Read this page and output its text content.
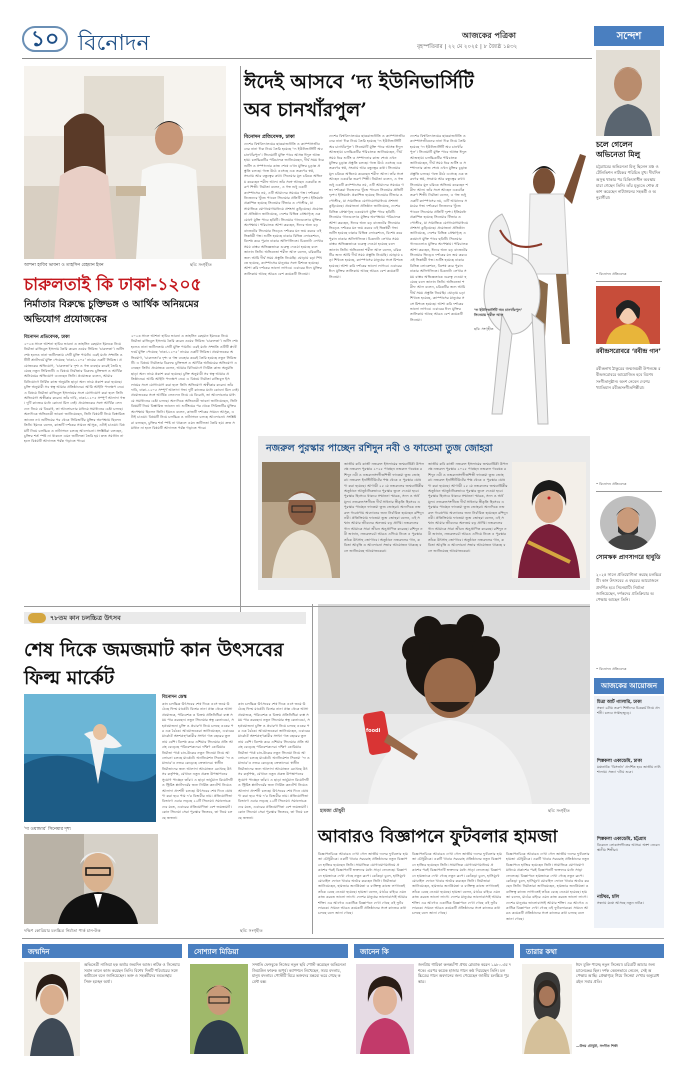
১০ বিনোদন	আজকের পত্রিকা
বৃহস্পতিবার | ২২ মে ২০২৫ | ৮ জ্যৈষ্ঠ ১৪৩২
সন্দেশ
চলে গেলেন অভিনেতা মিলু
চট্টগ্রামের অভিনেতা মিলু ছিলেন মঞ্চ ও টেলিভিশন নাটকের পরিচিত মুখ। দীর্ঘদিন অসুস্থ থাকার পর চিকিৎসাধীন অবস্থায় মারা গেছেন তিনি। তাঁর মৃত্যুতে শোক প্রকাশ করেছেন নাট্যাঙ্গনের সহকর্মী ও অনুরাগীরা।
• বিনোদন প্রতিবেদক
রবীন্দ্রসরোবরে ‘রবীন্দ্র গান’
রবীন্দ্রনাথ ঠাকুরের জন্মজয়ন্তী উপলক্ষে রবীন্দ্রসরোবরে আয়োজিত হবে বিশেষ সংগীতানুষ্ঠান। অংশ নেবেন দেশের খ্যাতিমান রবীন্দ্রসংগীতশিল্পীরা।
• বিনোদন প্রতিবেদক
সোমঋক প্রাণসাগরে হাবুডি
২০২৫ সালে প্রতিযোগিতা করছে চলচ্চিত্রটি। কান উৎসবের এ বছরের আয়োজনে প্রদর্শিত হবে সিনেমাটি। নির্মাতা জানিয়েছেন, দর্শকদের প্রতিক্রিয়ার অপেক্ষায় আছেন তিনি।
• বিনোদন প্রতিবেদক
আজকের আয়োজন
চিত্রা আর্ট গ্যালারি, ঢাকা
সন্ধ্যা ৬টায় তরুণ শিল্পীদের চিত্রকর্ম নিয়ে প্রদর্শনী। চলবে সপ্তাহজুড়ে।
শিল্পকলা একাডেমি, ঢাকা
মঞ্চনাটক ‘বিসর্জন’ প্রদর্শিত হবে জাতীয় নাট্যশালায়। সন্ধ্যা ৭টায় শুরু।
শিল্পকলা একাডেমি, চট্টগ্রাম
বিকেলে লোকসংগীতের আসর। অংশ নেবেন স্থানীয় শিল্পীরা।
নাটঘর, চলি
সন্ধ্যায় মঞ্চে আসছে নতুন নাটক।
আশনা হাবিব ভাবনা ও তাহসিন রেহমান ইমন	ছবি: সংগৃহীত
ঈদেই আসবে ‘দ্য ইউনিভার্সিটি
অব চানখাঁরপুল’
বিনোদন প্রতিবেদক, ঢাকা
দেশের বিশ্ববিদ্যালয়ের ছাত্ররাজনীতি ও ক্যাম্পাসজীবনের নানা দিক নিয়ে তৈরি হয়েছে ‘দ্য ইউনিভার্সিটি অব চানখাঁরপুল’। সিনেমাটি মুক্তি পাবে আসন্ন ঈদুল আজহায়। চলচ্চিত্রটির পরিচালক জানিয়েছেন, দীর্ঘ সময় ধরে শুটিং ও সম্পাদনার কাজ শেষে এখন মুক্তির চূড়ান্ত প্রস্তুতি চলছে। গল্পে উঠে এসেছে এক তরুণের স্বপ্ন, সংগ্রাম আর বন্ধুত্বের কথা। সিনেমার মূল চরিত্রে অভিনয় করেছেন শরীফ আল। তাঁর সঙ্গে আছেন একঝাঁক তরুণ শিল্পী। নির্মাতা বলেন, এ গল্প শুধু একটি ক্যাম্পাসের নয়, এটি আমাদের সময়ের গল্প। দর্শকেরা নিজেদের খুঁজে পাবেন সিনেমার প্রতিটি দৃশ্যে। ইতিমধ্যে প্রকাশিত হয়েছে সিনেমার টিজার ও পোস্টার, যা সামাজিক যোগাযোগমাধ্যমে প্রশংসা কুড়িয়েছে। প্রযোজনা প্রতিষ্ঠান জানিয়েছে, দেশের বিভিন্ন প্রেক্ষাগৃহে একযোগে মুক্তি পাবে ছবিটি। সিনেমার গানগুলোও মুক্তির অপেক্ষায়। পরিচালক আশা করছেন, ঈদের অন্য বড় বাজেটের সিনেমার ভিড়েও দর্শকের মন জয় করবে এই ভিন্নধর্মী গল্প। শুটিং হয়েছে ঢাকার বিভিন্ন লোকেশনে, বিশেষ করে পুরান ঢাকার অলিগলিতে। চিত্রনাট্য লেখার সময় বাস্তব অভিজ্ঞতাকে গুরুত্ব দেওয়া হয়েছে বলে জানান তিনি। অভিনেতা শরীফ আল বলেন, চরিত্রটির জন্য আমি দীর্ঘ সময় প্রস্তুতি নিয়েছি। ঘোড়ায় চড়া শিখতে হয়েছে, ক্যাম্পাসের মানুষের সঙ্গে মিশতে হয়েছে। আশা করি দর্শকের ভালো লাগবে। এবারের ঈদে মুক্তির তালিকায় আছে আরও বেশ কয়েকটি সিনেমা।
দেশের বিশ্ববিদ্যালয়ের ছাত্ররাজনীতি ও ক্যাম্পাসজীবনের নানা দিক নিয়ে তৈরি হয়েছে ‘দ্য ইউনিভার্সিটি অব চানখাঁরপুল’। সিনেমাটি মুক্তি পাবে আসন্ন ঈদুল আজহায়। চলচ্চিত্রটির পরিচালক জানিয়েছেন, দীর্ঘ সময় ধরে শুটিং ও সম্পাদনার কাজ শেষে এখন মুক্তির চূড়ান্ত প্রস্তুতি চলছে। গল্পে উঠে এসেছে এক তরুণের স্বপ্ন, সংগ্রাম আর বন্ধুত্বের কথা। সিনেমার মূল চরিত্রে অভিনয় করেছেন শরীফ আল। তাঁর সঙ্গে আছেন একঝাঁক তরুণ শিল্পী। নির্মাতা বলেন, এ গল্প শুধু একটি ক্যাম্পাসের নয়, এটি আমাদের সময়ের গল্প। দর্শকেরা নিজেদের খুঁজে পাবেন সিনেমার প্রতিটি দৃশ্যে। ইতিমধ্যে প্রকাশিত হয়েছে সিনেমার টিজার ও পোস্টার, যা সামাজিক যোগাযোগমাধ্যমে প্রশংসা কুড়িয়েছে। প্রযোজনা প্রতিষ্ঠান জানিয়েছে, দেশের বিভিন্ন প্রেক্ষাগৃহে একযোগে মুক্তি পাবে ছবিটি। সিনেমার গানগুলোও মুক্তির অপেক্ষায়। পরিচালক আশা করছেন, ঈদের অন্য বড় বাজেটের সিনেমার ভিড়েও দর্শকের মন জয় করবে এই ভিন্নধর্মী গল্প। শুটিং হয়েছে ঢাকার বিভিন্ন লোকেশনে, বিশেষ করে পুরান ঢাকার অলিগলিতে। চিত্রনাট্য লেখার সময় বাস্তব অভিজ্ঞতাকে গুরুত্ব দেওয়া হয়েছে বলে জানান তিনি। অভিনেতা শরীফ আল বলেন, চরিত্রটির জন্য আমি দীর্ঘ সময় প্রস্তুতি নিয়েছি। ঘোড়ায় চড়া শিখতে হয়েছে, ক্যাম্পাসের মানুষের সঙ্গে মিশতে হয়েছে। আশা করি দর্শকের ভালো লাগবে। এবারের ঈদে মুক্তির তালিকায় আছে আরও বেশ কয়েকটি সিনেমা।
দেশের বিশ্ববিদ্যালয়ের ছাত্ররাজনীতি ও ক্যাম্পাসজীবনের নানা দিক নিয়ে তৈরি হয়েছে ‘দ্য ইউনিভার্সিটি অব চানখাঁরপুল’। সিনেমাটি মুক্তি পাবে আসন্ন ঈদুল আজহায়। চলচ্চিত্রটির পরিচালক জানিয়েছেন, দীর্ঘ সময় ধরে শুটিং ও সম্পাদনার কাজ শেষে এখন মুক্তির চূড়ান্ত প্রস্তুতি চলছে। গল্পে উঠে এসেছে এক তরুণের স্বপ্ন, সংগ্রাম আর বন্ধুত্বের কথা। সিনেমার মূল চরিত্রে অভিনয় করেছেন শরীফ আল। তাঁর সঙ্গে আছেন একঝাঁক তরুণ শিল্পী। নির্মাতা বলেন, এ গল্প শুধু একটি ক্যাম্পাসের নয়, এটি আমাদের সময়ের গল্প। দর্শকেরা নিজেদের খুঁজে পাবেন সিনেমার প্রতিটি দৃশ্যে। ইতিমধ্যে প্রকাশিত হয়েছে সিনেমার টিজার ও পোস্টার, যা সামাজিক যোগাযোগমাধ্যমে প্রশংসা কুড়িয়েছে। প্রযোজনা প্রতিষ্ঠান জানিয়েছে, দেশের বিভিন্ন প্রেক্ষাগৃহে একযোগে মুক্তি পাবে ছবিটি। সিনেমার গানগুলোও মুক্তির অপেক্ষায়। পরিচালক আশা করছেন, ঈদের অন্য বড় বাজেটের সিনেমার ভিড়েও দর্শকের মন জয় করবে এই ভিন্নধর্মী গল্প। শুটিং হয়েছে ঢাকার বিভিন্ন লোকেশনে, বিশেষ করে পুরান ঢাকার অলিগলিতে। চিত্রনাট্য লেখার সময় বাস্তব অভিজ্ঞতাকে গুরুত্ব দেওয়া হয়েছে বলে জানান তিনি। অভিনেতা শরীফ আল বলেন, চরিত্রটির জন্য আমি দীর্ঘ সময় প্রস্তুতি নিয়েছি। ঘোড়ায় চড়া শিখতে হয়েছে, ক্যাম্পাসের মানুষের সঙ্গে মিশতে হয়েছে। আশা করি দর্শকের ভালো লাগবে। এবারের ঈদে মুক্তির তালিকায় আছে আরও বেশ কয়েকটি সিনেমা।
‘দ্য ইউনিভার্সিটি অব চানখাঁরপুল’ সিনেমায় শরীফ আল
ছবি: সংগৃহীত
চারুলতাই কি ঢাকা-১২০৫
নির্মাতার বিরুদ্ধে চুক্তিভঙ্গ ও আর্থিক অনিয়মের
অভিযোগ প্রযোজকের
বিনোদন প্রতিবেদক, ঢাকা
২০২৩ সালে আশনা হাবিব ভাবনা ও তাহসিন রেহমান ইমনকে নিয়ে নির্মাতা রাজিবুল ইসলাম তৈরি করেন ওয়েব সিরিজ ‘চারুলতা’। শুটিং শেষ হলেও নানা জটিলতায় সেটি মুক্তি পায়নি। এরই মধ্যে সম্প্রতি ওটিটি প্ল্যাটফর্মে মুক্তি পেয়েছে ‘ঢাকা-১২০৫’ নামের একটি সিরিজ। প্রযোজকের অভিযোগ, ‘চারুলতা’র দৃশ্য ও গল্প ব্যবহার করেই তৈরি হয়েছে নতুন সিরিজটি। এ বিষয়ে নির্মাতার বিরুদ্ধে চুক্তিভঙ্গ ও আর্থিক অনিয়মের অভিযোগ এনেছেন তিনি। প্রযোজক বলেন, আমার বিনিয়োগে নির্মিত কাজ অনুমতি ছাড়া অন্য নামে প্রকাশ করা হয়েছে। চুক্তি অনুযায়ী সব স্বত্ব আমার প্রতিষ্ঠানের। আমি আইনি পদক্ষেপ নেব। এ বিষয়ে নির্মাতা রাজিবুল ইসলামের সঙ্গে যোগাযোগ করা হলে তিনি অভিযোগ অস্বীকার করেন। তাঁর দাবি, ঢাকা-১২০৫ সম্পূর্ণ আলাদা গল্প। দুটি কাজের মধ্যে কোনো মিল নেই। প্রযোজকের সঙ্গে আর্থিক লেনদেন নিয়ে যে বিরোধ, তা আলোচনার মাধ্যমে সমাধানের চেষ্টা চলছে। অন্যদিকে অভিনেত্রী ভাবনা জানিয়েছেন, তিনি বিষয়টি নিয়ে বিস্তারিত জানেন না। শুটিংয়ের পর থেকে সিরিজটির মুক্তির অপেক্ষায় ছিলেন তিনি। ইমনও বলেন, কাজটি দর্শকের সামনে আসুক, এটাই চাওয়া। বিষয়টি নিয়ে চলচ্চিত্র ও নাট্যাঙ্গনে চলছে আলোচনা। সংশ্লিষ্টরা বলছেন, চুক্তির শর্ত স্পষ্ট না থাকলে এমন জটিলতা তৈরি হয়। দ্রুত সমাধান না হলে বিষয়টি আদালত পর্যন্ত গড়াতে পারে।
২০২৩ সালে আশনা হাবিব ভাবনা ও তাহসিন রেহমান ইমনকে নিয়ে নির্মাতা রাজিবুল ইসলাম তৈরি করেন ওয়েব সিরিজ ‘চারুলতা’। শুটিং শেষ হলেও নানা জটিলতায় সেটি মুক্তি পায়নি। এরই মধ্যে সম্প্রতি ওটিটি প্ল্যাটফর্মে মুক্তি পেয়েছে ‘ঢাকা-১২০৫’ নামের একটি সিরিজ। প্রযোজকের অভিযোগ, ‘চারুলতা’র দৃশ্য ও গল্প ব্যবহার করেই তৈরি হয়েছে নতুন সিরিজটি। এ বিষয়ে নির্মাতার বিরুদ্ধে চুক্তিভঙ্গ ও আর্থিক অনিয়মের অভিযোগ এনেছেন তিনি। প্রযোজক বলেন, আমার বিনিয়োগে নির্মিত কাজ অনুমতি ছাড়া অন্য নামে প্রকাশ করা হয়েছে। চুক্তি অনুযায়ী সব স্বত্ব আমার প্রতিষ্ঠানের। আমি আইনি পদক্ষেপ নেব। এ বিষয়ে নির্মাতা রাজিবুল ইসলামের সঙ্গে যোগাযোগ করা হলে তিনি অভিযোগ অস্বীকার করেন। তাঁর দাবি, ঢাকা-১২০৫ সম্পূর্ণ আলাদা গল্প। দুটি কাজের মধ্যে কোনো মিল নেই। প্রযোজকের সঙ্গে আর্থিক লেনদেন নিয়ে যে বিরোধ, তা আলোচনার মাধ্যমে সমাধানের চেষ্টা চলছে। অন্যদিকে অভিনেত্রী ভাবনা জানিয়েছেন, তিনি বিষয়টি নিয়ে বিস্তারিত জানেন না। শুটিংয়ের পর থেকে সিরিজটির মুক্তির অপেক্ষায় ছিলেন তিনি। ইমনও বলেন, কাজটি দর্শকের সামনে আসুক, এটাই চাওয়া। বিষয়টি নিয়ে চলচ্চিত্র ও নাট্যাঙ্গনে চলছে আলোচনা। সংশ্লিষ্টরা বলছেন, চুক্তির শর্ত স্পষ্ট না থাকলে এমন জটিলতা তৈরি হয়। দ্রুত সমাধান না হলে বিষয়টি আদালত পর্যন্ত গড়াতে পারে।
নজরুল পুরস্কার পাচ্ছেন রশিদুন নবী ও ফাতেমা তুজ জোহরা
জাতীয় কবি কাজী নজরুল ইসলামের জন্মবার্ষিকী উপলক্ষে নজরুল পুরস্কার ২০২৫ পাচ্ছেন নজরুল গবেষক রশিদুন নবী ও নজরুলসংগীতশিল্পী ফাতেমা তুজ জোহরা। নজরুল ইনস্টিটিউটের পক্ষ থেকে এ পুরস্কার ঘোষণা করা হয়েছে। আগামী ২৫ মে নজরুলের জন্মবার্ষিকীর অনুষ্ঠানে আনুষ্ঠানিকভাবে পুরস্কার তুলে দেওয়া হবে। পুরস্কার হিসেবে থাকবে সম্মাননা স্মারক, সনদ ও অর্থমূল্য। নজরুলসংগীতে দীর্ঘ সাধনার স্বীকৃতি হিসেবে এ পুরস্কার পাচ্ছেন ফাতেমা তুজ জোহরা। অন্যদিকে নজরুল গবেষণায় অবদানের জন্য নির্বাচিত হয়েছেন রশিদুন নবী। প্রতিক্রিয়ায় ফাতেমা তুজ জোহরা বলেন, এই সম্মান আমার জীবনের অন্যতম বড় প্রাপ্তি। নজরুলের গান আমাকে সারা জীবন অনুপ্রাণিত করেছে। রশিদুন নবী জানান, নজরুলচর্চা আরও এগিয়ে নিতে এ পুরস্কার তাঁকে উৎসাহ জোগাবে। অনুষ্ঠানে নজরুলের গান, কবিতা আবৃত্তি ও আলোচনা সভার আয়োজন থাকছে বলে জানিয়েছে আয়োজকেরা।
জাতীয় কবি কাজী নজরুল ইসলামের জন্মবার্ষিকী উপলক্ষে নজরুল পুরস্কার ২০২৫ পাচ্ছেন নজরুল গবেষক রশিদুন নবী ও নজরুলসংগীতশিল্পী ফাতেমা তুজ জোহরা। নজরুল ইনস্টিটিউটের পক্ষ থেকে এ পুরস্কার ঘোষণা করা হয়েছে। আগামী ২৫ মে নজরুলের জন্মবার্ষিকীর অনুষ্ঠানে আনুষ্ঠানিকভাবে পুরস্কার তুলে দেওয়া হবে। পুরস্কার হিসেবে থাকবে সম্মাননা স্মারক, সনদ ও অর্থমূল্য। নজরুলসংগীতে দীর্ঘ সাধনার স্বীকৃতি হিসেবে এ পুরস্কার পাচ্ছেন ফাতেমা তুজ জোহরা। অন্যদিকে নজরুল গবেষণায় অবদানের জন্য নির্বাচিত হয়েছেন রশিদুন নবী। প্রতিক্রিয়ায় ফাতেমা তুজ জোহরা বলেন, এই সম্মান আমার জীবনের অন্যতম বড় প্রাপ্তি। নজরুলের গান আমাকে সারা জীবন অনুপ্রাণিত করেছে। রশিদুন নবী জানান, নজরুলচর্চা আরও এগিয়ে নিতে এ পুরস্কার তাঁকে উৎসাহ জোগাবে। অনুষ্ঠানে নজরুলের গান, কবিতা আবৃত্তি ও আলোচনা সভার আয়োজন থাকছে বলে জানিয়েছে আয়োজকেরা।
৭৮তম কান চলচ্চিত্র উৎসব
শেষ দিকে জমজমাট কান উৎসবের
ফিল্ম মার্কেট
‘দ্য ওয়ান্ডার’ সিনেমার দৃশ্য
বিনোদন ডেস্ক
কান চলচ্চিত্র উৎসবের শেষ দিকে এসে জমে উঠেছে ফিল্ম মার্কেট। বিশ্বের নানা প্রান্ত থেকে আসা প্রযোজক, পরিবেশক ও বিক্রয় প্রতিনিধিরা ব্যস্ত সময় পার করছেন। নতুন সিনেমার স্বত্ব কেনাবেচা, সহপ্রযোজনা চুক্তি ও প্রচারণা নিয়ে চলছে একের পর এক বৈঠক। আয়োজকেরা জানিয়েছেন, এবারের মার্কেটে অংশগ্রহণকারীর সংখ্যা গত বছরের তুলনায় বেশি। বিশেষ করে এশিয়ার সিনেমার প্রতি আগ্রহ বেড়েছে পরিবেশকদের। দক্ষিণ কোরিয়ার নির্মাতা পার্ক চান-উকের নতুন সিনেমা নিয়ে আলোচনা চলছে মার্কেটে। অ্যানিমেশন সিনেমা ‘দ্য ওয়ান্ডার’ও নজর কেড়েছে ক্রেতাদের। স্বাধীন নির্মাতাদের জন্য আলাদা আয়োজন রেখেছে উৎসব কর্তৃপক্ষ, যেখানে নতুন প্রকল্প উপস্থাপনের সুযোগ পাচ্ছেন তাঁরা। এ ছাড়া ভার্চুয়াল রিয়েলিটি ও স্ট্রিমিং প্ল্যাটফর্মের জন্য নির্মিত কনটেন্ট নিয়েও আলাদা প্রদর্শনী চলছে। উৎসবের শেষ দিনে ঘোষণা করা হবে পাম দ’র বিজয়ীর নাম। প্রতিযোগিতা বিভাগে এবার লড়ছে ২২টি সিনেমা। সমালোচকদের মতে, এবারের প্রতিযোগিতা বেশ জমজমাট। কোন সিনেমা সেরা পুরস্কার জিতবে, তা নিয়ে চলছে জল্পনা।
কান চলচ্চিত্র উৎসবের শেষ দিকে এসে জমে উঠেছে ফিল্ম মার্কেট। বিশ্বের নানা প্রান্ত থেকে আসা প্রযোজক, পরিবেশক ও বিক্রয় প্রতিনিধিরা ব্যস্ত সময় পার করছেন। নতুন সিনেমার স্বত্ব কেনাবেচা, সহপ্রযোজনা চুক্তি ও প্রচারণা নিয়ে চলছে একের পর এক বৈঠক। আয়োজকেরা জানিয়েছেন, এবারের মার্কেটে অংশগ্রহণকারীর সংখ্যা গত বছরের তুলনায় বেশি। বিশেষ করে এশিয়ার সিনেমার প্রতি আগ্রহ বেড়েছে পরিবেশকদের। দক্ষিণ কোরিয়ার নির্মাতা পার্ক চান-উকের নতুন সিনেমা নিয়ে আলোচনা চলছে মার্কেটে। অ্যানিমেশন সিনেমা ‘দ্য ওয়ান্ডার’ও নজর কেড়েছে ক্রেতাদের। স্বাধীন নির্মাতাদের জন্য আলাদা আয়োজন রেখেছে উৎসব কর্তৃপক্ষ, যেখানে নতুন প্রকল্প উপস্থাপনের সুযোগ পাচ্ছেন তাঁরা। এ ছাড়া ভার্চুয়াল রিয়েলিটি ও স্ট্রিমিং প্ল্যাটফর্মের জন্য নির্মিত কনটেন্ট নিয়েও আলাদা প্রদর্শনী চলছে। উৎসবের শেষ দিনে ঘোষণা করা হবে পাম দ’র বিজয়ীর নাম। প্রতিযোগিতা বিভাগে এবার লড়ছে ২২টি সিনেমা। সমালোচকদের মতে, এবারের প্রতিযোগিতা বেশ জমজমাট। কোন সিনেমা সেরা পুরস্কার জিতবে, তা নিয়ে চলছে জল্পনা।
দক্ষিণ কোরিয়ার চলচ্চিত্র নির্মাতা পার্ক চান-উক	ছবি: সংগৃহীত
foodi
হামজা চৌধুরী	ছবি: সংগৃহীত
আবারও বিজ্ঞাপনে ফুটবলার হামজা
বিজ্ঞাপনচিত্রে আবারও দেখা গেল জাতীয় দলের ফুটবলার হামজা চৌধুরীকে। একটি খাবার সরবরাহ প্রতিষ্ঠানের নতুন বিজ্ঞাপনে হাজির হয়েছেন তিনি। সামাজিক যোগাযোগমাধ্যমে প্রকাশের পরই বিজ্ঞাপনটি ভক্তদের মধ্যে সাড়া ফেলেছে। বিজ্ঞাপনে হামজাকে দেখা গেছে নতুন রূপে। কোঁকড়া চুলে, হাসিমুখে মোবাইল ফোনে খাবার অর্ডার করছেন তিনি। নির্মাতারা জানিয়েছেন, হামজার জনপ্রিয়তা ও ব্যক্তিত্ব কাজে লাগাতেই তাঁকে বেছে নেওয়া হয়েছে। হামজা বলেন, মাঠের বাইরে এমন কাজ করতে ভালো লাগে। দেশের মানুষের ভালোবাসাই আমার শক্তি। এর আগেও একাধিক বিজ্ঞাপনে দেখা গেছে এই ফুটবলারকে। সামনে আরও কয়েকটি প্রতিষ্ঠানের সঙ্গে কাজের কথা চলছে বলে জানা গেছে।
বিজ্ঞাপনচিত্রে আবারও দেখা গেল জাতীয় দলের ফুটবলার হামজা চৌধুরীকে। একটি খাবার সরবরাহ প্রতিষ্ঠানের নতুন বিজ্ঞাপনে হাজির হয়েছেন তিনি। সামাজিক যোগাযোগমাধ্যমে প্রকাশের পরই বিজ্ঞাপনটি ভক্তদের মধ্যে সাড়া ফেলেছে। বিজ্ঞাপনে হামজাকে দেখা গেছে নতুন রূপে। কোঁকড়া চুলে, হাসিমুখে মোবাইল ফোনে খাবার অর্ডার করছেন তিনি। নির্মাতারা জানিয়েছেন, হামজার জনপ্রিয়তা ও ব্যক্তিত্ব কাজে লাগাতেই তাঁকে বেছে নেওয়া হয়েছে। হামজা বলেন, মাঠের বাইরে এমন কাজ করতে ভালো লাগে। দেশের মানুষের ভালোবাসাই আমার শক্তি। এর আগেও একাধিক বিজ্ঞাপনে দেখা গেছে এই ফুটবলারকে। সামনে আরও কয়েকটি প্রতিষ্ঠানের সঙ্গে কাজের কথা চলছে বলে জানা গেছে।
বিজ্ঞাপনচিত্রে আবারও দেখা গেল জাতীয় দলের ফুটবলার হামজা চৌধুরীকে। একটি খাবার সরবরাহ প্রতিষ্ঠানের নতুন বিজ্ঞাপনে হাজির হয়েছেন তিনি। সামাজিক যোগাযোগমাধ্যমে প্রকাশের পরই বিজ্ঞাপনটি ভক্তদের মধ্যে সাড়া ফেলেছে। বিজ্ঞাপনে হামজাকে দেখা গেছে নতুন রূপে। কোঁকড়া চুলে, হাসিমুখে মোবাইল ফোনে খাবার অর্ডার করছেন তিনি। নির্মাতারা জানিয়েছেন, হামজার জনপ্রিয়তা ও ব্যক্তিত্ব কাজে লাগাতেই তাঁকে বেছে নেওয়া হয়েছে। হামজা বলেন, মাঠের বাইরে এমন কাজ করতে ভালো লাগে। দেশের মানুষের ভালোবাসাই আমার শক্তি। এর আগেও একাধিক বিজ্ঞাপনে দেখা গেছে এই ফুটবলারকে। সামনে আরও কয়েকটি প্রতিষ্ঠানের সঙ্গে কাজের কথা চলছে বলে জানা গেছে।
জন্মদিন
অভিনেত্রী নাজিয়া হক অর্ষার জন্মদিন আজ। নাটক ও সিনেমায় সমান তালে কাজ করছেন তিনি। বিশেষ দিনটি পরিবারের সঙ্গে কাটাবেন বলে জানিয়েছেন। ভক্ত ও সহকর্মীদের শুভেচ্ছায় সিক্ত হচ্ছেন অর্ষা।
সোশ্যাল মিডিয়া
সম্প্রতি ফেসবুকে নিজের নতুন ছবি পোস্ট করেছেন অভিনেতা জিয়াউল ফারুক অপূর্ব। ক্যাপশনে লিখেছেন, সময় বদলায়, মানুষ বদলায়। পোস্টটি ঘিরে ভক্তদের মন্তব্যে ভরে গেছে কমেন্ট বক্স।
জানেন কি
জনপ্রিয় গায়িকা কনকচাঁপা প্রথম প্লেব্যাক করেন ১৯৮০-এর দশকে। এরপর কয়েক হাজার গানে কণ্ঠ দিয়েছেন তিনি। চলচ্চিত্রের গানে অবদানের জন্য পেয়েছেন জাতীয় চলচ্চিত্র পুরস্কার।
তারার কথা
ঈদে মুক্তি পাচ্ছে নতুন সিনেমা। চরিত্রটি আমার জন্য চ্যালেঞ্জের ছিল। দর্শক কেমনভাবে নেবেন, সেই অপেক্ষায় আছি। প্রেক্ষাগৃহে গিয়ে সিনেমা দেখার অনুরোধ রইল সবার প্রতি।
—উদয় চৌধুরী, সংগীত শিল্পী
